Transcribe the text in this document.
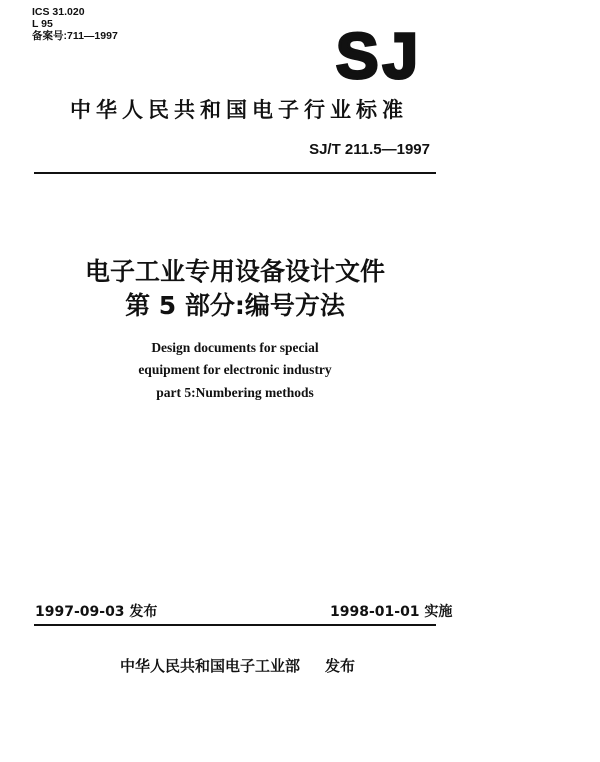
ICS 31.020
L 95
备案号:711—1997	SJ
中华人民共和国电子行业标准
SJ/T 211.5—1997
电子工业专用设备设计文件
第 5 部分:编号方法
Design documents for special
equipment for electronic industry
part 5:Numbering methods
1997-09-03 发布	1998-01-01 实施
中华人民共和国电子工业部 发布
